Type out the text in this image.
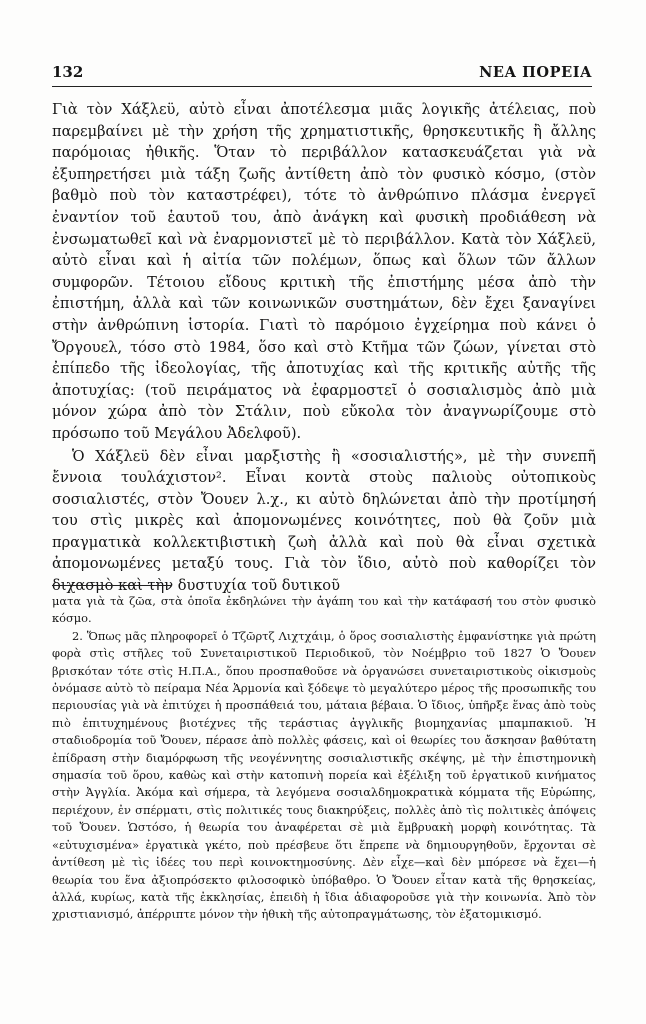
132	ΝΕΑ ΠΟΡΕΙΑ

Γιὰ τὸν Χάξλεϋ, αὐτὸ εἶναι ἀποτέλεσμα μιᾶς λογικῆς ἀτέλειας, ποὺ παρεμβαίνει μὲ τὴν χρήση τῆς χρηματιστικῆς, θρησκευτικῆς ἢ ἄλλης παρόμοιας ἠθικῆς. Ὅταν τὸ περιβάλλον κατασκευάζεται γιὰ νὰ ἐξυπηρετήσει μιὰ τάξη ζωῆς ἀντίθετη ἀπὸ τὸν φυσικὸ κόσμο, (στὸν βαθμὸ ποὺ τὸν καταστρέφει), τότε τὸ ἀνθρώπινο πλάσμα ἐνεργεῖ ἐναντίον τοῦ ἑαυτοῦ του, ἀπὸ ἀνάγκη καὶ φυσικὴ προδιάθεση νὰ ἐνσωματωθεῖ καὶ νὰ ἐναρμονιστεῖ μὲ τὸ περιβάλλον. Κατὰ τὸν Χάξλεϋ, αὐτὸ εἶναι καὶ ἡ αἰτία τῶν πολέμων, ὅπως καὶ ὅλων τῶν ἄλλων συμφορῶν. Τέτοιου εἴδους κριτικὴ τῆς ἐπιστήμης μέσα ἀπὸ τὴν ἐπιστήμη, ἀλλὰ καὶ τῶν κοινωνικῶν συστημάτων, δὲν ἔχει ξαναγίνει στὴν ἀνθρώπινη ἱστορία. Γιατὶ τὸ παρόμοιο ἐγχείρημα ποὺ κάνει ὁ Ὄργουελ, τόσο στὸ 1984, ὅσο καὶ στὸ Κτῆμα τῶν ζώων, γίνεται στὸ ἐπίπεδο τῆς ἰδεολογίας, τῆς ἀποτυχίας καὶ τῆς κριτικῆς αὐτῆς τῆς ἀποτυχίας: (τοῦ πειράματος νὰ ἐφαρμοστεῖ ὁ σοσιαλισμὸς ἀπὸ μιὰ μόνον χώρα ἀπὸ τὸν Στάλιν, ποὺ εὔκολα τὸν ἀναγνωρίζουμε στὸ πρόσωπο τοῦ Μεγάλου Ἀδελφοῦ).

Ὁ Χάξλεϋ δὲν εἶναι μαρξιστὴς ἢ «σοσιαλιστής», μὲ τὴν συνεπῆ ἔννοια τουλάχιστον². Εἶναι κοντὰ στοὺς παλιοὺς οὐτοπικοὺς σοσιαλιστές, στὸν Ὄουεν λ.χ., κι αὐτὸ δηλώνεται ἀπὸ τὴν προτίμησή του στὶς μικρὲς καὶ ἀπομονωμένες κοινότητες, ποὺ θὰ ζοῦν μιὰ πραγματικὰ κολλεκτιβιστικὴ ζωὴ ἀλλὰ καὶ ποὺ θὰ εἶναι σχετικὰ ἀπομονωμένες μεταξύ τους. Γιὰ τὸν ἴδιο, αὐτὸ ποὺ καθορίζει τὸν διχασμὸ καὶ τὴν δυστυχία τοῦ δυτικοῦ

ματα γιὰ τὰ ζῶα, στὰ ὁποῖα ἐκδηλώνει τὴν ἀγάπη του καὶ τὴν κατάφασή του στὸν φυσικὸ κόσμο.

2. Ὅπως μᾶς πληροφορεῖ ὁ Τζῶρτζ Λιχτχάιμ, ὁ ὅρος σοσιαλιστὴς ἐμφανίστηκε γιὰ πρώτη φορὰ στὶς στῆλες τοῦ Συνεταιριστικοῦ Περιοδικοῦ, τὸν Νοέμβριο τοῦ 1827 Ὁ Ὄουεν βρισκόταν τότε στὶς Η.Π.Α., ὅπου προσπαθοῦσε νὰ ὀργανώσει συνεταιριστικοὺς οἰκισμοὺς ὀνόμασε αὐτὸ τὸ πείραμα Νέα Ἁρμονία καὶ ξόδεψε τὸ μεγαλύτερο μέρος τῆς προσωπικῆς του περιουσίας γιὰ νὰ ἐπιτύχει ἡ προσπάθειά του, μάταια βέβαια. Ὁ ἴδιος, ὑπῆρξε ἕνας ἀπὸ τοὺς πιὸ ἐπιτυχημένους βιοτέχνες τῆς τεράστιας ἀγγλικῆς βιομηχανίας μπαμπακιοῦ. Ἡ σταδιοδρομία τοῦ Ὄουεν, πέρασε ἀπὸ πολλὲς φάσεις, καὶ οἱ θεωρίες του ἄσκησαν βαθύτατη ἐπίδραση στὴν διαμόρφωση τῆς νεογέννητης σοσιαλιστικῆς σκέψης, μὲ τὴν ἐπιστημονικὴ σημασία τοῦ ὅρου, καθὼς καὶ στὴν κατοπινὴ πορεία καὶ ἐξέλιξη τοῦ ἐργατικοῦ κινήματος στὴν Ἀγγλία. Ἀκόμα καὶ σήμερα, τὰ λεγόμενα σοσιαλδημοκρατικὰ κόμματα τῆς Εὐρώπης, περιέχουν, ἐν σπέρματι, στὶς πολιτικές τους διακηρύξεις, πολλὲς ἀπὸ τὶς πολιτικὲς ἀπόψεις τοῦ Ὄουεν. Ὡστόσο, ἡ θεωρία του ἀναφέρεται σὲ μιὰ ἔμβρυακὴ μορφὴ κοινότητας. Τὰ «εὐτυχισμένα» ἐργατικὰ γκέτο, ποὺ πρέσβευε ὅτι ἔπρεπε νὰ δημιουργηθοῦν, ἔρχονται σὲ ἀντίθεση μὲ τὶς ἰδέες του περὶ κοινοκτημοσύνης. Δὲν εἶχε—καὶ δὲν μπόρεσε νὰ ἔχει—ἡ θεωρία του ἕνα ἀξιοπρόσεκτο φιλοσοφικὸ ὑπόβαθρο. Ὁ Ὄουεν εἶταν κατὰ τῆς θρησκείας, ἀλλά, κυρίως, κατὰ τῆς ἐκκλησίας, ἐπειδὴ ἡ ἴδια ἀδιαφοροῦσε γιὰ τὴν κοινωνία. Ἀπὸ τὸν χριστιανισμό, ἀπέρριπτε μόνον τὴν ἠθικὴ τῆς αὐτοπραγμάτωσης, τὸν ἐξατομικισμό.
